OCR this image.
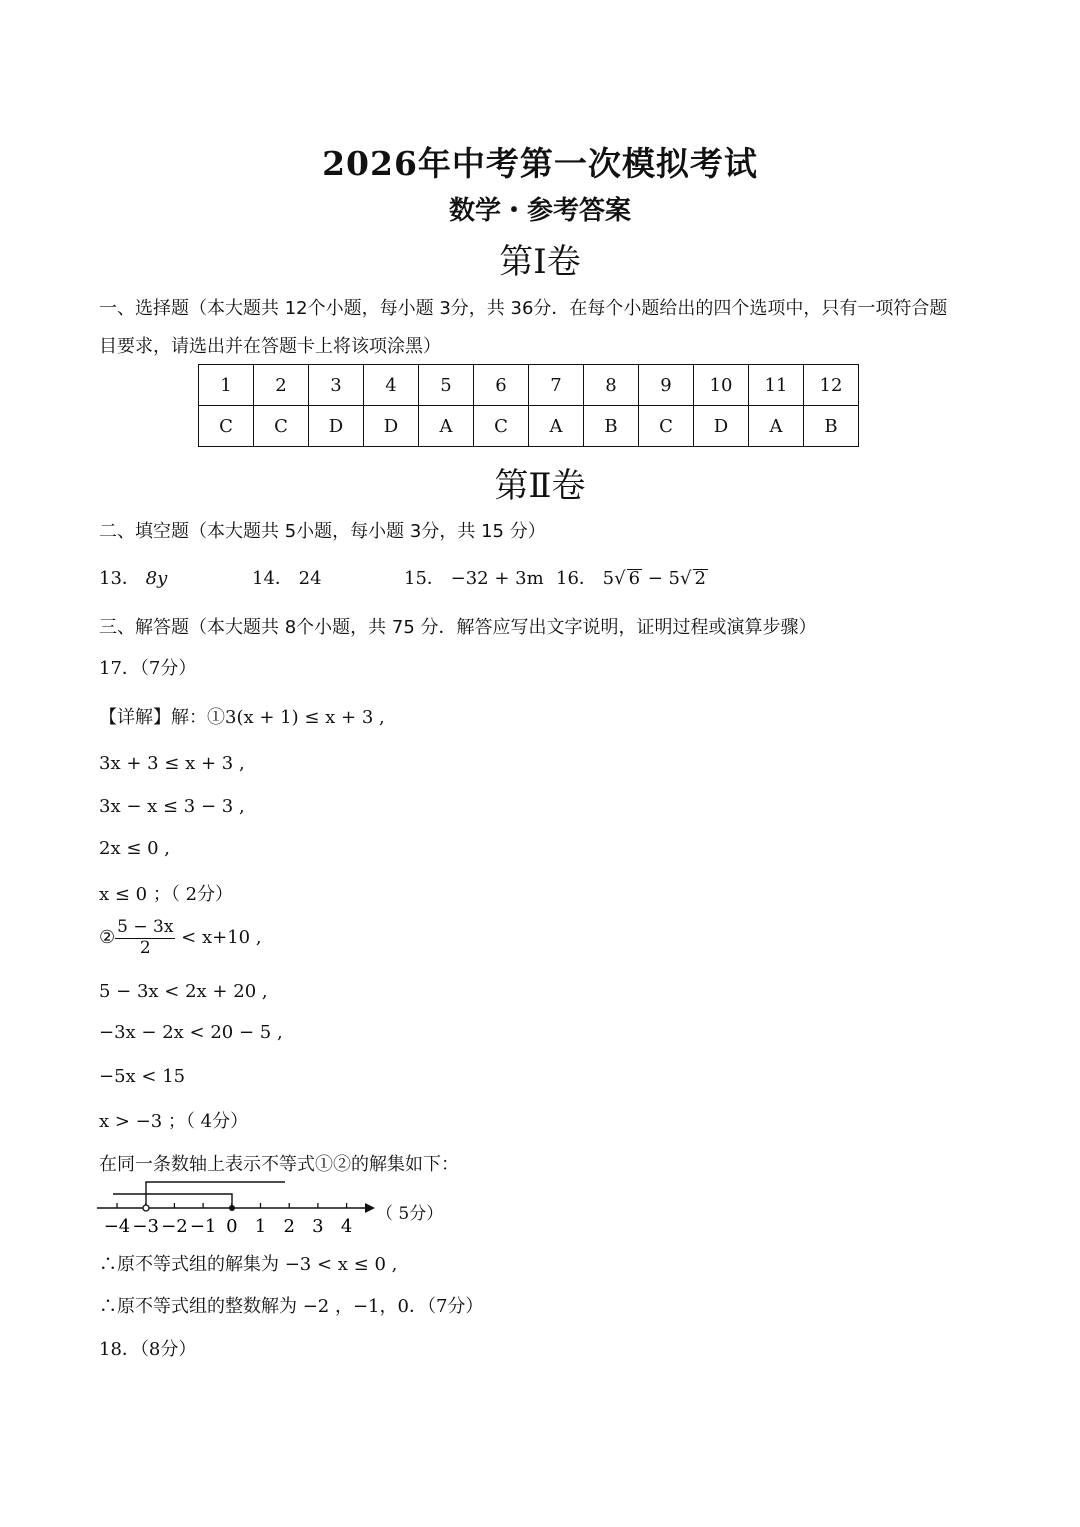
2026年中考第一次模拟考试
数学・参考答案
第Ⅰ卷
一、选择题（本大题共 12个小题，每小题 3分，共 36分．在每个小题给出的四个选项中，只有一项符合题
目要求，请选出并在答题卡上将该项涂黑）
1	2	3	4	5	6	7	8	9	10	11	12
C	C	D	D	A	C	A	B	C	D	A	B
第Ⅱ卷
二、填空题（本大题共 5小题，每小题 3分，共 15 分）
13． 8y	14． 24	15． −32 + 3m 16． 5√ 6 − 5√ 2
三、解答题（本大题共 8个小题，共 75 分．解答应写出文字说明，证明过程或演算步骤）
17．（7分）
【详解】解：①3(x + 1) ≤ x + 3 ,
3x + 3 ≤ x + 3 ,
3x − x ≤ 3 − 3 ,
2x ≤ 0 ,
x ≤ 0 ；（ 2分）
② $\frac{5 - 3x}{2} < x+10$ ,
5 − 3x < 2x + 20 ,
−3x − 2x < 20 − 5 ,
−5x < 15
x > −3 ；（ 4分）
在同一条数轴上表示不等式①②的解集如下：
−4 −3 −2 −1 0 1 2 3 4
（ 5分）
∴原不等式组的解集为 −3 < x ≤ 0 ,
∴原不等式组的整数解为 −2 ，−1，0．（7分）
18．（8分）
